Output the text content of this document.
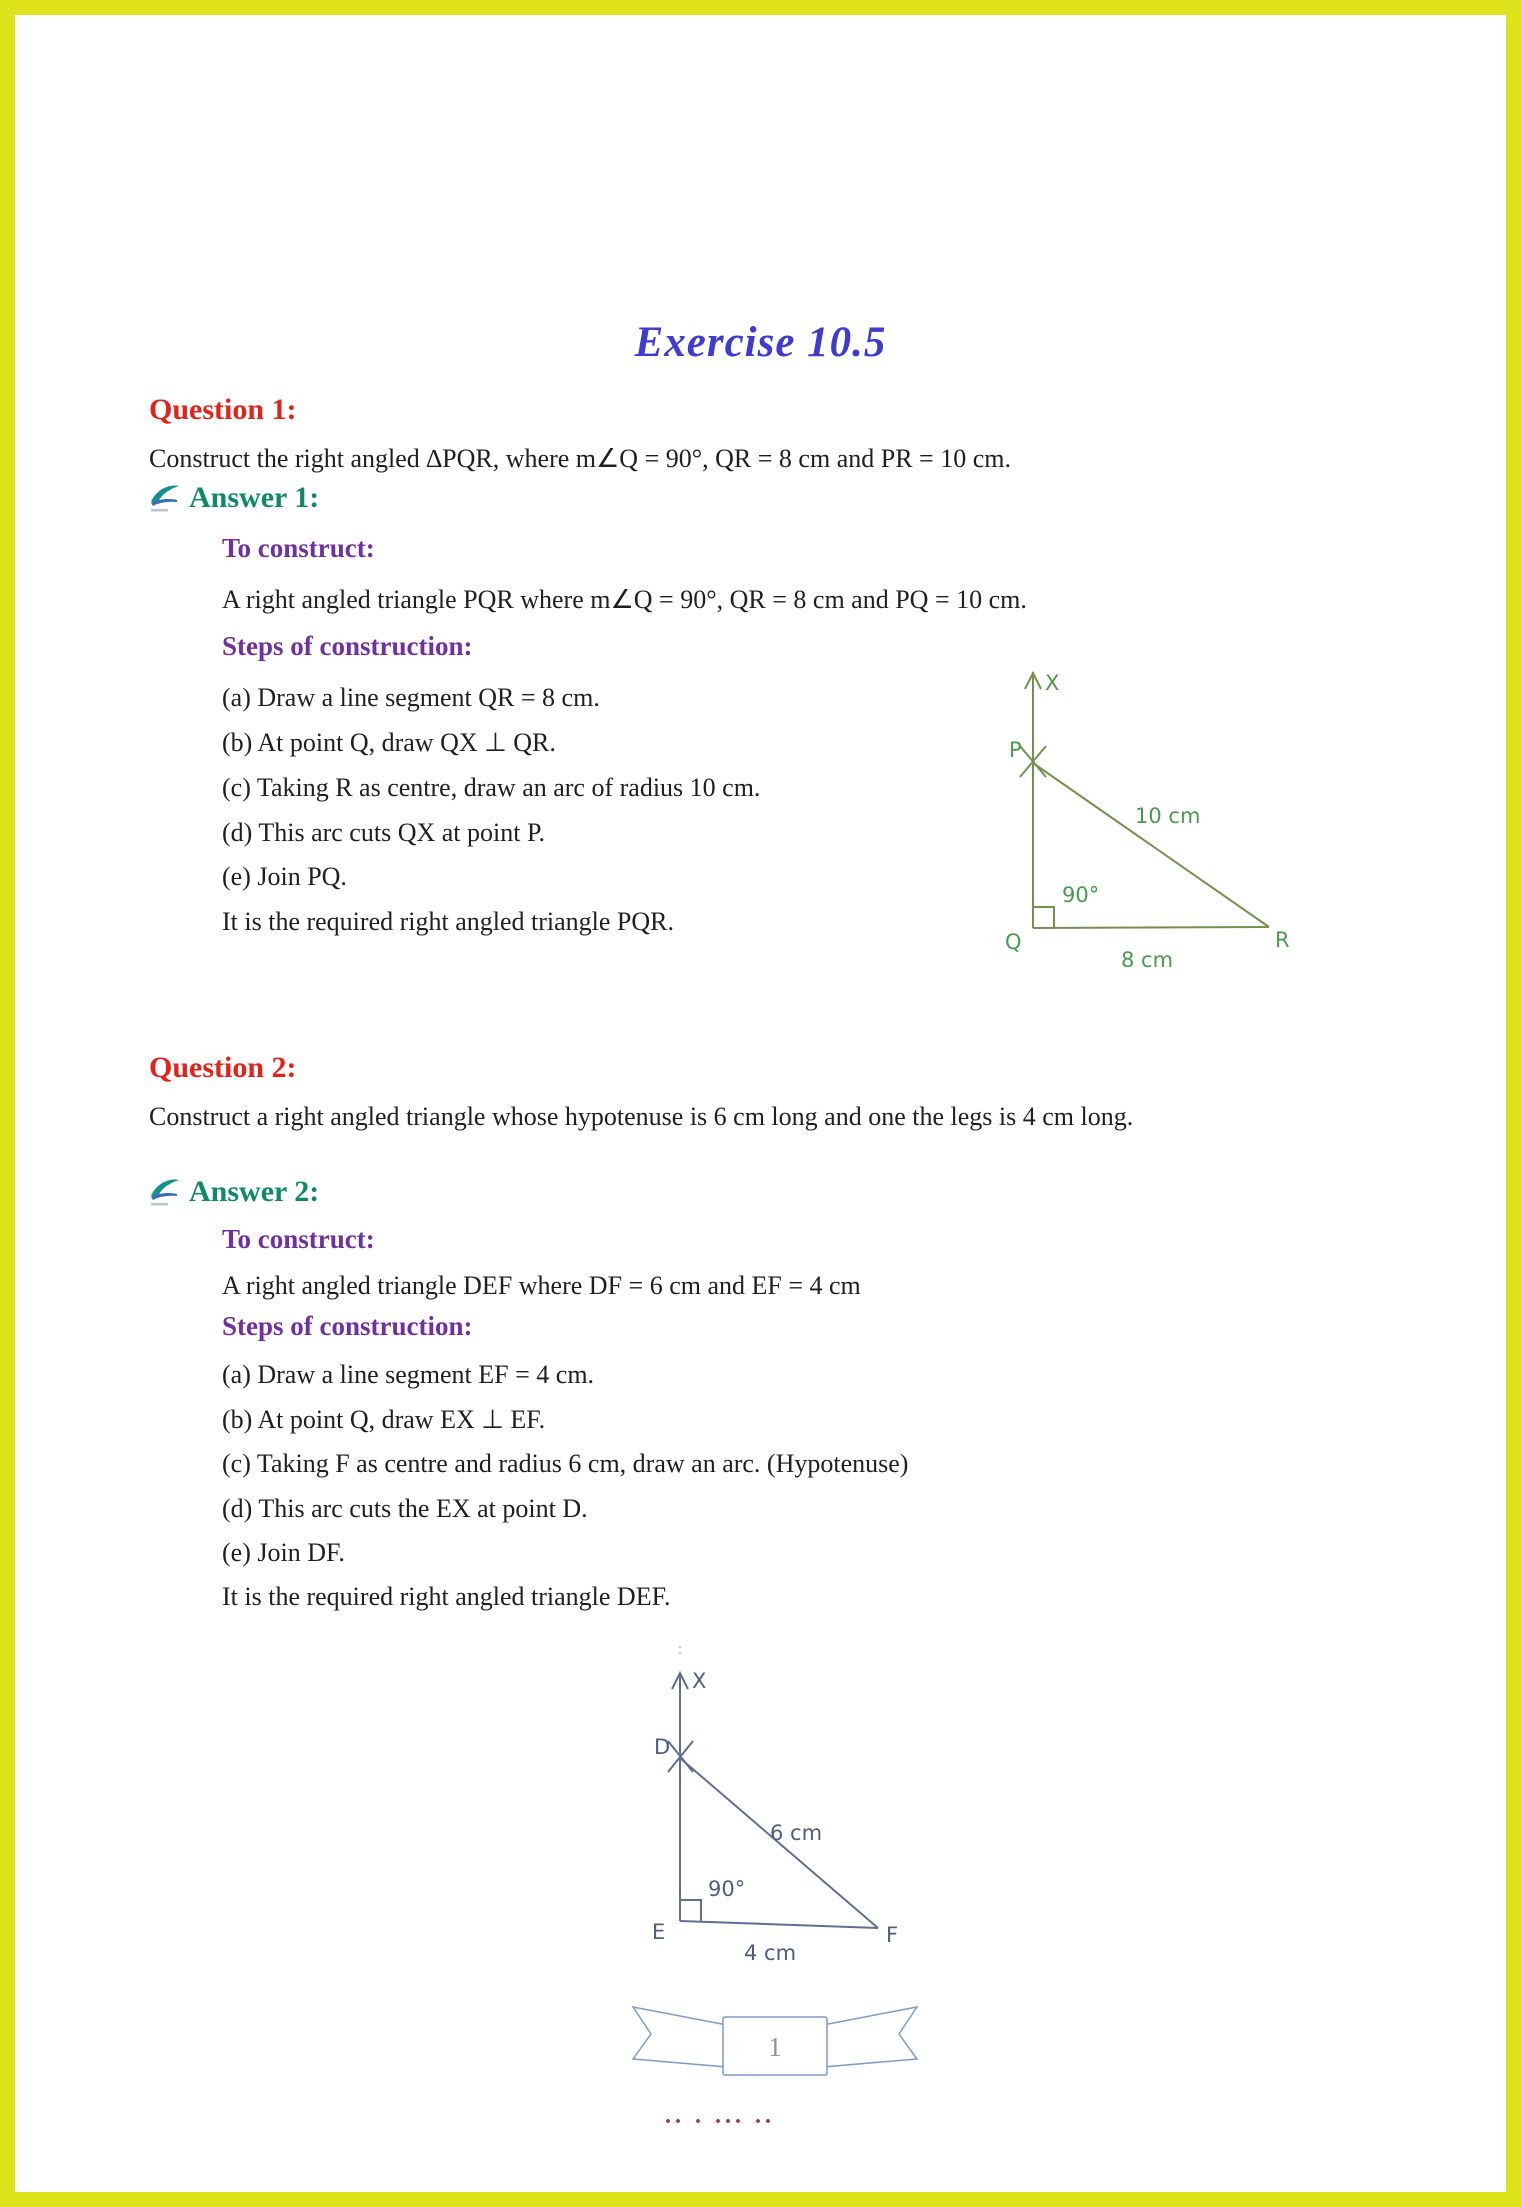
Exercise 10.5
Question 1:

Construct the right angled ∆PQR, where m∠Q = 90°, QR = 8 cm and PR = 10 cm.

Answer 1:
To construct:

A right angled triangle PQR where m∠Q = 90°, QR = 8 cm and PQ = 10 cm.

Steps of construction:

(a) Draw a line segment QR = 8 cm.

(b) At point Q, draw QX ⊥ QR.

(c) Taking R as centre, draw an arc of radius 10 cm.

(d) This arc cuts QX at point P.

(e) Join PQ.

It is the required right angled triangle PQR.

X
P
Q	R
10 cm
90°
8 cm
Question 2:

Construct a right angled triangle whose hypotenuse is 6 cm long and one the legs is 4 cm long.

Answer 2:
To construct:

A right angled triangle DEF where DF = 6 cm and EF = 4 cm

Steps of construction:

(a) Draw a line segment EF = 4 cm.

(b) At point Q, draw EX ⊥ EF.

(c) Taking F as centre and radius 6 cm, draw an arc. (Hypotenuse)

(d) This arc cuts the EX at point D.

(e) Join DF.

It is the required right angled triangle DEF.

X
D
E	F
6 cm
90°
4 cm
1
.. . ... ..
